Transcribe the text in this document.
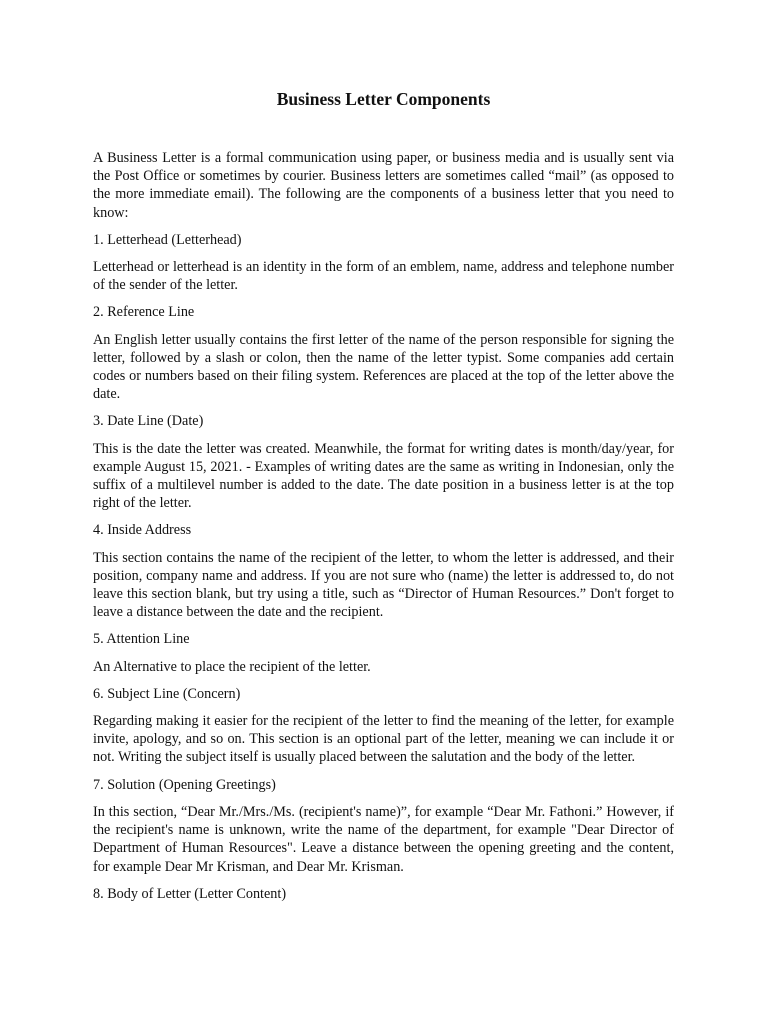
Business Letter Components

A Business Letter is a formal communication using paper, or business media and is usually sent via the Post Office or sometimes by courier. Business letters are sometimes called “mail” (as opposed to the more immediate email). The following are the components of a business letter that you need to know:

1. Letterhead (Letterhead)

Letterhead or letterhead is an identity in the form of an emblem, name, address and telephone number of the sender of the letter.

2. Reference Line

An English letter usually contains the first letter of the name of the person responsible for signing the letter, followed by a slash or colon, then the name of the letter typist. Some companies add certain codes or numbers based on their filing system. References are placed at the top of the letter above the date.

3. Date Line (Date)

This is the date the letter was created. Meanwhile, the format for writing dates is month/day/year, for example August 15, 2021. - Examples of writing dates are the same as writing in Indonesian, only the suffix of a multilevel number is added to the date. The date position in a business letter is at the top right of the letter.

4. Inside Address

This section contains the name of the recipient of the letter, to whom the letter is addressed, and their position, company name and address. If you are not sure who (name) the letter is addressed to, do not leave this section blank, but try using a title, such as “Director of Human Resources.” Don't forget to leave a distance between the date and the recipient.

5. Attention Line

An Alternative to place the recipient of the letter.

6. Subject Line (Concern)

Regarding making it easier for the recipient of the letter to find the meaning of the letter, for example invite, apology, and so on. This section is an optional part of the letter, meaning we can include it or not. Writing the subject itself is usually placed between the salutation and the body of the letter.

7. Solution (Opening Greetings)

In this section, “Dear Mr./Mrs./Ms. (recipient's name)”, for example “Dear Mr. Fathoni.” However, if the recipient's name is unknown, write the name of the department, for example "Dear Director of Department of Human Resources". Leave a distance between the opening greeting and the content, for example Dear Mr Krisman, and Dear Mr. Krisman.

8. Body of Letter (Letter Content)
